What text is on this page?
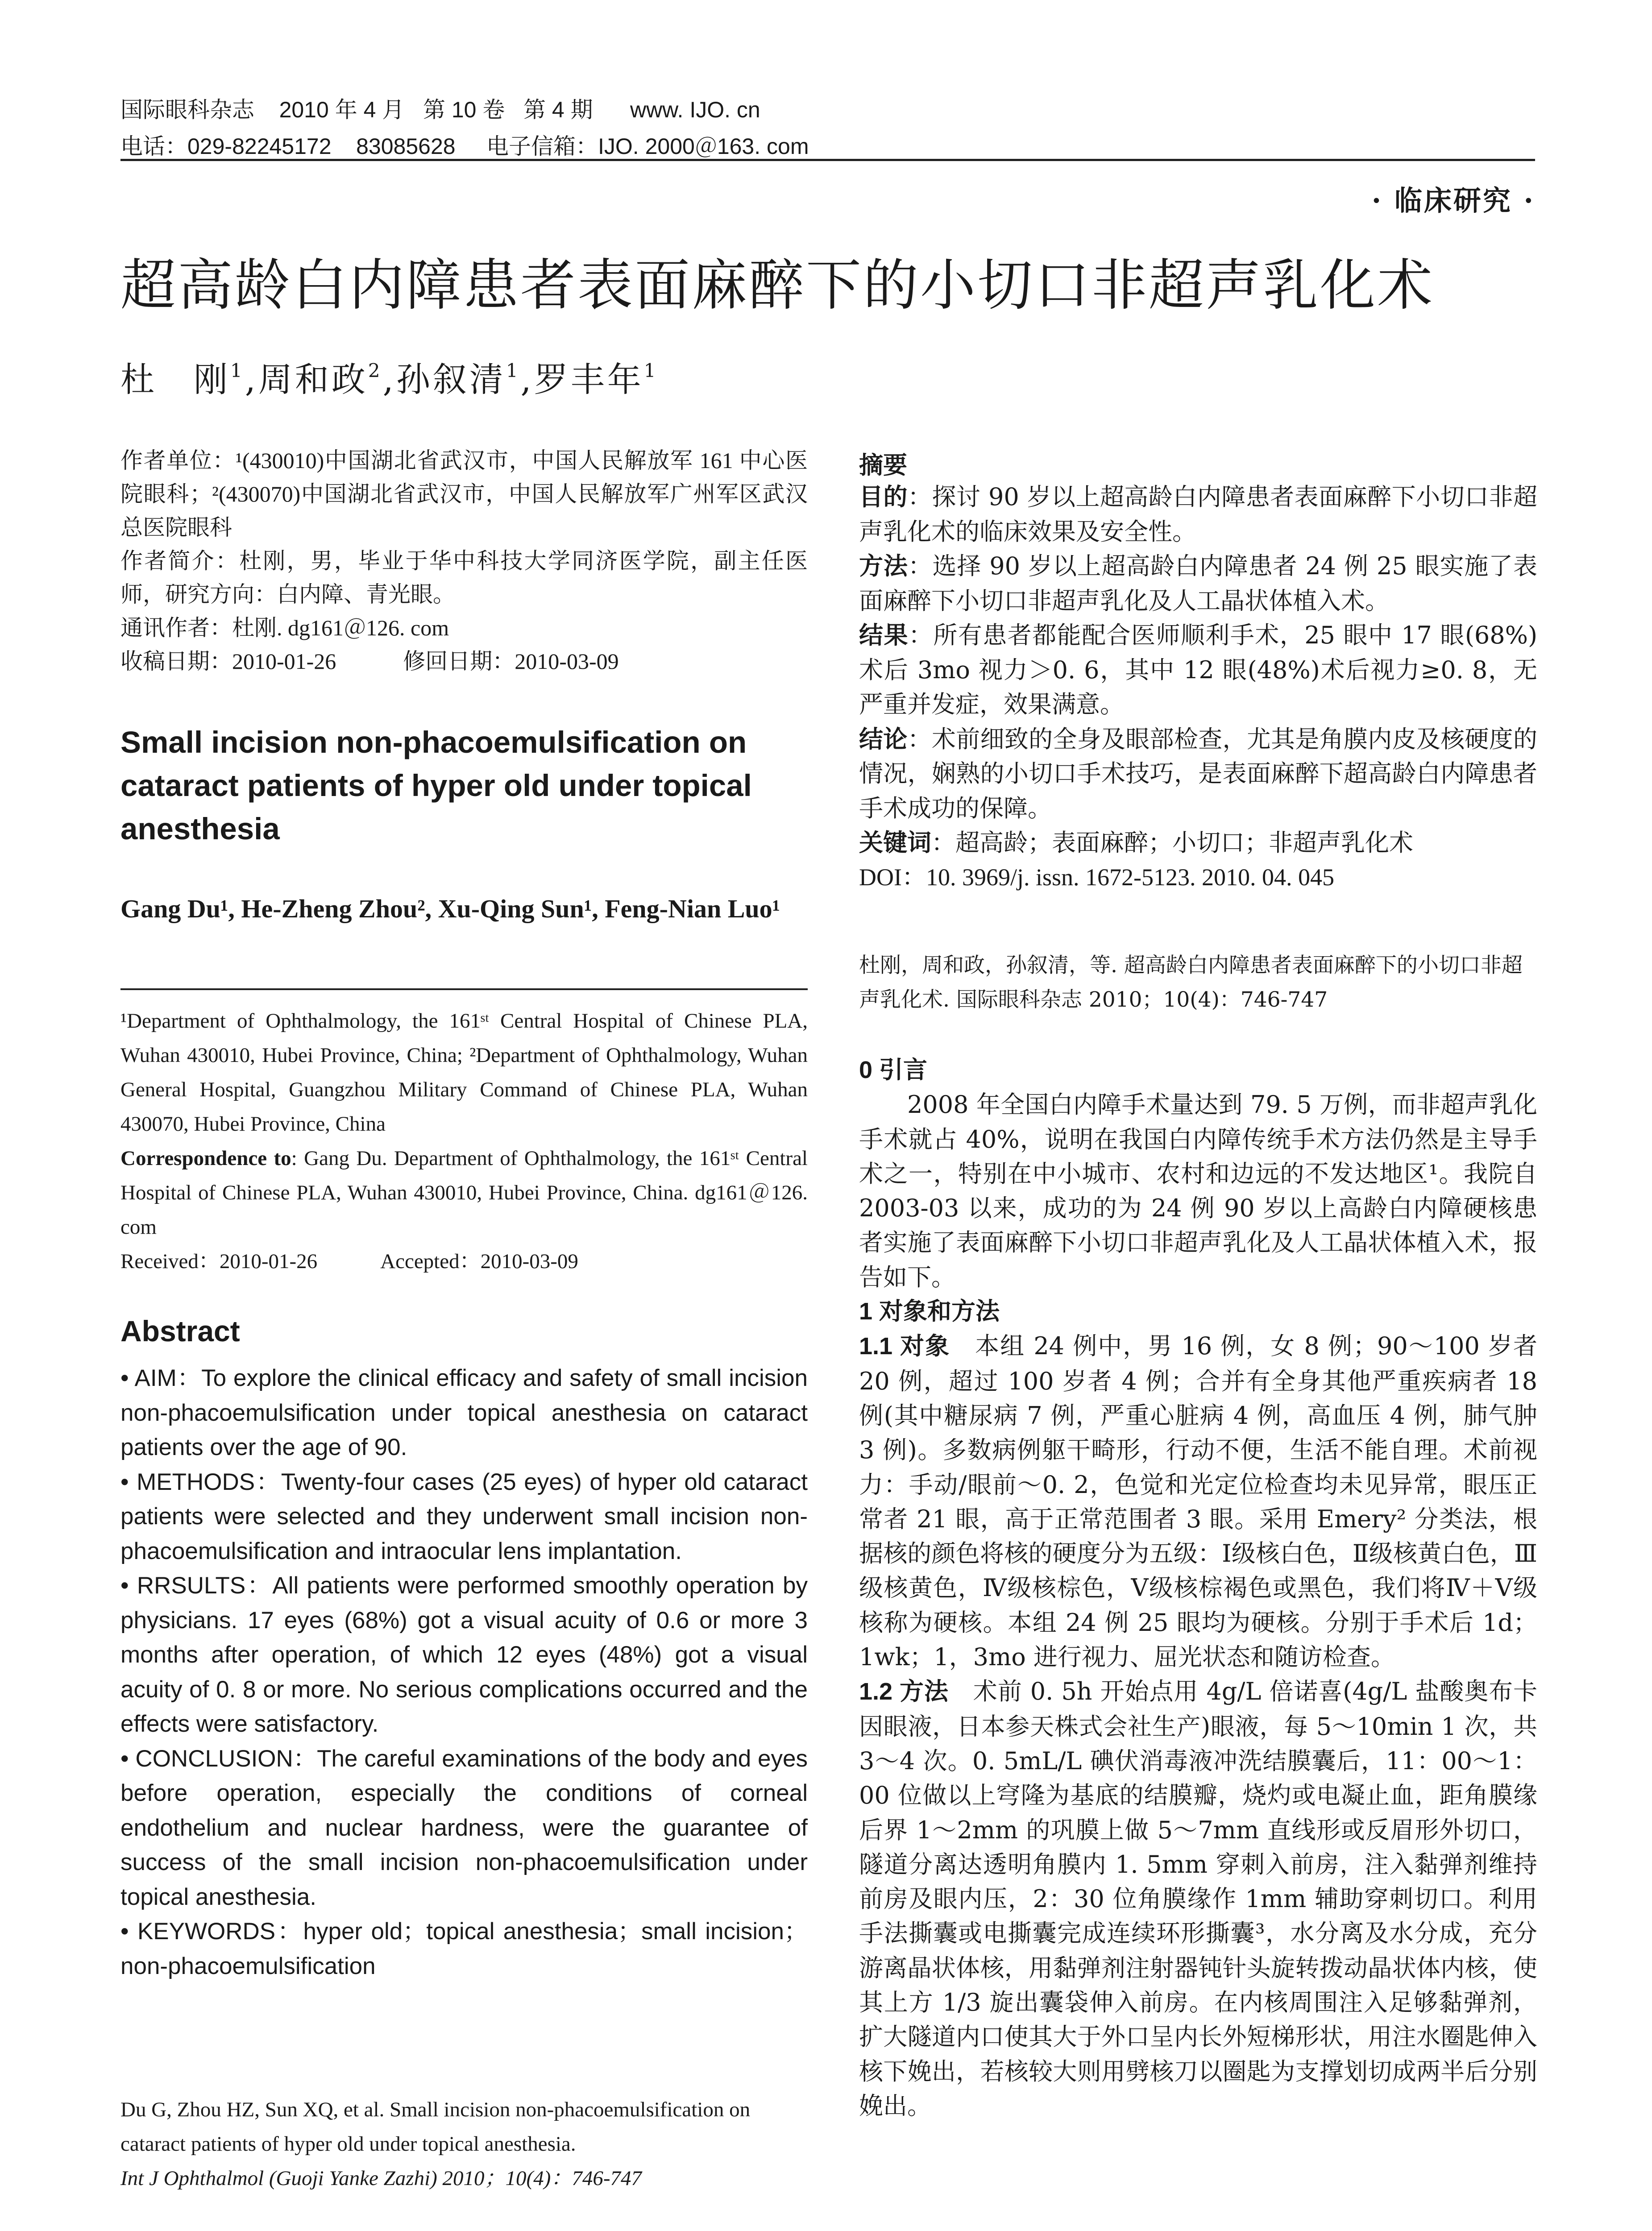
国际眼科杂志    2010 年 4 月   第 10 卷   第 4 期      www. IJO. cn
电话：029-82245172    83085628     电子信箱：IJO. 2000＠163. com
· 临床研究 ·
超高龄白内障患者表面麻醉下的小切口非超声乳化术
杜　刚$^1$,周和政$^2$,孙叙清$^1$,罗丰年$^1$

作者单位：¹(430010)中国湖北省武汉市，中国人民解放军 161 中心医院眼科；²(430070)中国湖北省武汉市，中国人民解放军广州军区武汉总医院眼科

作者简介：杜刚，男，毕业于华中科技大学同济医学院，副主任医师，研究方向：白内障、青光眼。

通讯作者：杜刚. dg161＠126. com

收稿日期：2010-01-26　　　修回日期：2010-03-09

Small incision non-phacoemulsification on cataract patients of hyper old under topical anesthesia
Gang Du¹, He-Zheng Zhou², Xu-Qing Sun¹, Feng-Nian Luo¹

¹Department of Ophthalmology, the 161ˢᵗ Central Hospital of Chinese PLA, Wuhan 430010, Hubei Province, China; ²Department of Ophthalmology, Wuhan General Hospital, Guangzhou Military Command of Chinese PLA, Wuhan 430070, Hubei Province, China

Correspondence to: Gang Du. Department of Ophthalmology, the 161ˢᵗ Central Hospital of Chinese PLA, Wuhan 430010, Hubei Province, China. dg161＠126. com

Received：2010-01-26　　　Accepted：2010-03-09

Abstract

• AIM：To explore the clinical efficacy and safety of small incision non-phacoemulsification under topical anesthesia on cataract patients over the age of 90.

• METHODS：Twenty-four cases (25 eyes) of hyper old cataract patients were selected and they underwent small incision non-phacoemulsification and intraocular lens implantation.

• RRSULTS：All patients were performed smoothly operation by physicians. 17 eyes (68%) got a visual acuity of 0.6 or more 3 months after operation, of which 12 eyes (48%) got a visual acuity of 0. 8 or more. No serious complications occurred and the effects were satisfactory.

• CONCLUSION：The careful examinations of the body and eyes before operation, especially the conditions of corneal endothelium and nuclear hardness, were the guarantee of success of the small incision non-phacoemulsification under topical anesthesia.

• KEYWORDS：hyper old；topical anesthesia；small incision；non-phacoemulsification

Du G, Zhou HZ, Sun XQ, et al. Small incision non-phacoemulsification on cataract patients of hyper old under topical anesthesia.

Int J Ophthalmol (Guoji Yanke Zazhi) 2010；10(4)：746-747

摘要

目的：探讨 90 岁以上超高龄白内障患者表面麻醉下小切口非超声乳化术的临床效果及安全性。

方法：选择 90 岁以上超高龄白内障患者 24 例 25 眼实施了表面麻醉下小切口非超声乳化及人工晶状体植入术。

结果：所有患者都能配合医师顺利手术，25 眼中 17 眼(68%)术后 3mo 视力＞0. 6，其中 12 眼(48%)术后视力≥0. 8，无严重并发症，效果满意。

结论：术前细致的全身及眼部检查，尤其是角膜内皮及核硬度的情况，娴熟的小切口手术技巧，是表面麻醉下超高龄白内障患者手术成功的保障。

关键词：超高龄；表面麻醉；小切口；非超声乳化术

DOI：10. 3969/j. issn. 1672-5123. 2010. 04. 045

杜刚，周和政，孙叙清，等. 超高龄白内障患者表面麻醉下的小切口非超声乳化术. 国际眼科杂志 2010；10(4)：746-747

0 引言

2008 年全国白内障手术量达到 79. 5 万例，而非超声乳化手术就占 40%，说明在我国白内障传统手术方法仍然是主导手术之一，特别在中小城市、农村和边远的不发达地区¹。我院自 2003-03 以来，成功的为 24 例 90 岁以上高龄白内障硬核患者实施了表面麻醉下小切口非超声乳化及人工晶状体植入术，报告如下。

1 对象和方法

1.1 对象　 本组 24 例中，男 16 例，女 8 例；90～100 岁者 20 例，超过 100 岁者 4 例；合并有全身其他严重疾病者 18 例(其中糖尿病 7 例，严重心脏病 4 例，高血压 4 例，肺气肿 3 例)。多数病例躯干畸形，行动不便，生活不能自理。术前视力：手动/眼前～0. 2，色觉和光定位检查均未见异常，眼压正常者 21 眼，高于正常范围者 3 眼。采用 Emery² 分类法，根据核的颜色将核的硬度分为五级：Ⅰ级核白色，Ⅱ级核黄白色，Ⅲ级核黄色，Ⅳ级核棕色，Ⅴ级核棕褐色或黑色，我们将Ⅳ＋Ⅴ级核称为硬核。本组 24 例 25 眼均为硬核。分别于手术后 1d；1wk；1，3mo 进行视力、屈光状态和随访检查。

1.2 方法　 术前 0. 5h 开始点用 4g/L 倍诺喜(4g/L 盐酸奥布卡因眼液，日本参天株式会社生产)眼液，每 5～10min 1 次，共 3～4 次。0. 5mL/L 碘伏消毒液冲洗结膜囊后，11：00～1：00 位做以上穹隆为基底的结膜瓣，烧灼或电凝止血，距角膜缘后界 1～2mm 的巩膜上做 5～7mm 直线形或反眉形外切口，隧道分离达透明角膜内 1. 5mm 穿刺入前房，注入黏弹剂维持前房及眼内压，2：30 位角膜缘作 1mm 辅助穿刺切口。利用手法撕囊或电撕囊完成连续环形撕囊³，水分离及水分成，充分游离晶状体核，用黏弹剂注射器钝针头旋转拨动晶状体内核，使其上方 1/3 旋出囊袋伸入前房。在内核周围注入足够黏弹剂，扩大隧道内口使其大于外口呈内长外短梯形状，用注水圈匙伸入核下娩出，若核较大则用劈核刀以圈匙为支撑划切成两半后分别娩出。
